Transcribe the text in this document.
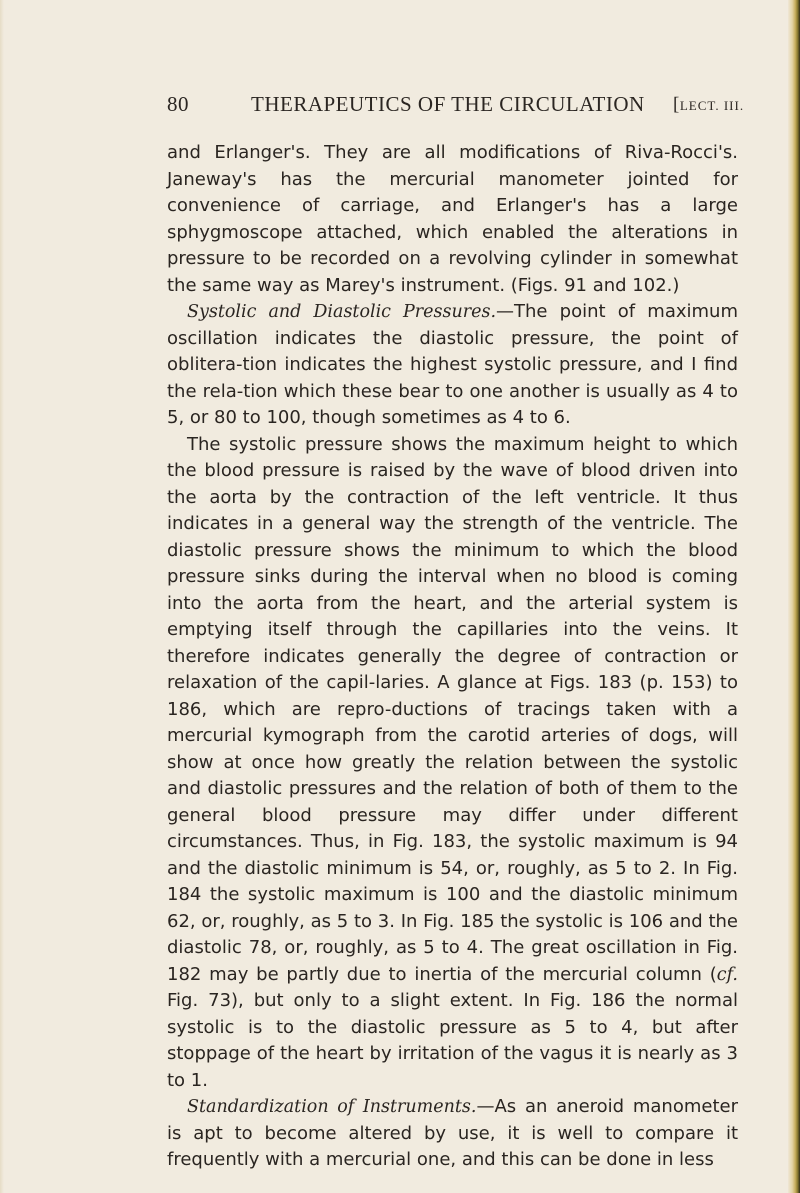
80	THERAPEUTICS OF THE CIRCULATION [LECT. III.

and Erlanger's. They are all modifications of Riva-Rocci's. Janeway's has the mercurial manometer jointed for convenience of carriage, and Erlanger's has a large sphygmoscope attached, which enabled the alterations in pressure to be recorded on a revolving cylinder in somewhat the same way as Marey's instrument. (Figs. 91 and 102.)

Systolic and Diastolic Pressures.—The point of maximum oscillation indicates the diastolic pressure, the point of oblitera-tion indicates the highest systolic pressure, and I find the rela-tion which these bear to one another is usually as 4 to 5, or 80 to 100, though sometimes as 4 to 6.

The systolic pressure shows the maximum height to which the blood pressure is raised by the wave of blood driven into the aorta by the contraction of the left ventricle. It thus indicates in a general way the strength of the ventricle. The diastolic pressure shows the minimum to which the blood pressure sinks during the interval when no blood is coming into the aorta from the heart, and the arterial system is emptying itself through the capillaries into the veins. It therefore indicates generally the degree of contraction or relaxation of the capil-laries. A glance at Figs. 183 (p. 153) to 186, which are repro-ductions of tracings taken with a mercurial kymograph from the carotid arteries of dogs, will show at once how greatly the relation between the systolic and diastolic pressures and the relation of both of them to the general blood pressure may differ under different circumstances. Thus, in Fig. 183, the systolic maximum is 94 and the diastolic minimum is 54, or, roughly, as 5 to 2. In Fig. 184 the systolic maximum is 100 and the diastolic minimum 62, or, roughly, as 5 to 3. In Fig. 185 the systolic is 106 and the diastolic 78, or, roughly, as 5 to 4. The great oscillation in Fig. 182 may be partly due to inertia of the mercurial column (cf. Fig. 73), but only to a slight extent. In Fig. 186 the normal systolic is to the diastolic pressure as 5 to 4, but after stoppage of the heart by irritation of the vagus it is nearly as 3 to 1.

Standardization of Instruments.—As an aneroid manometer is apt to become altered by use, it is well to compare it frequently with a mercurial one, and this can be done in less
